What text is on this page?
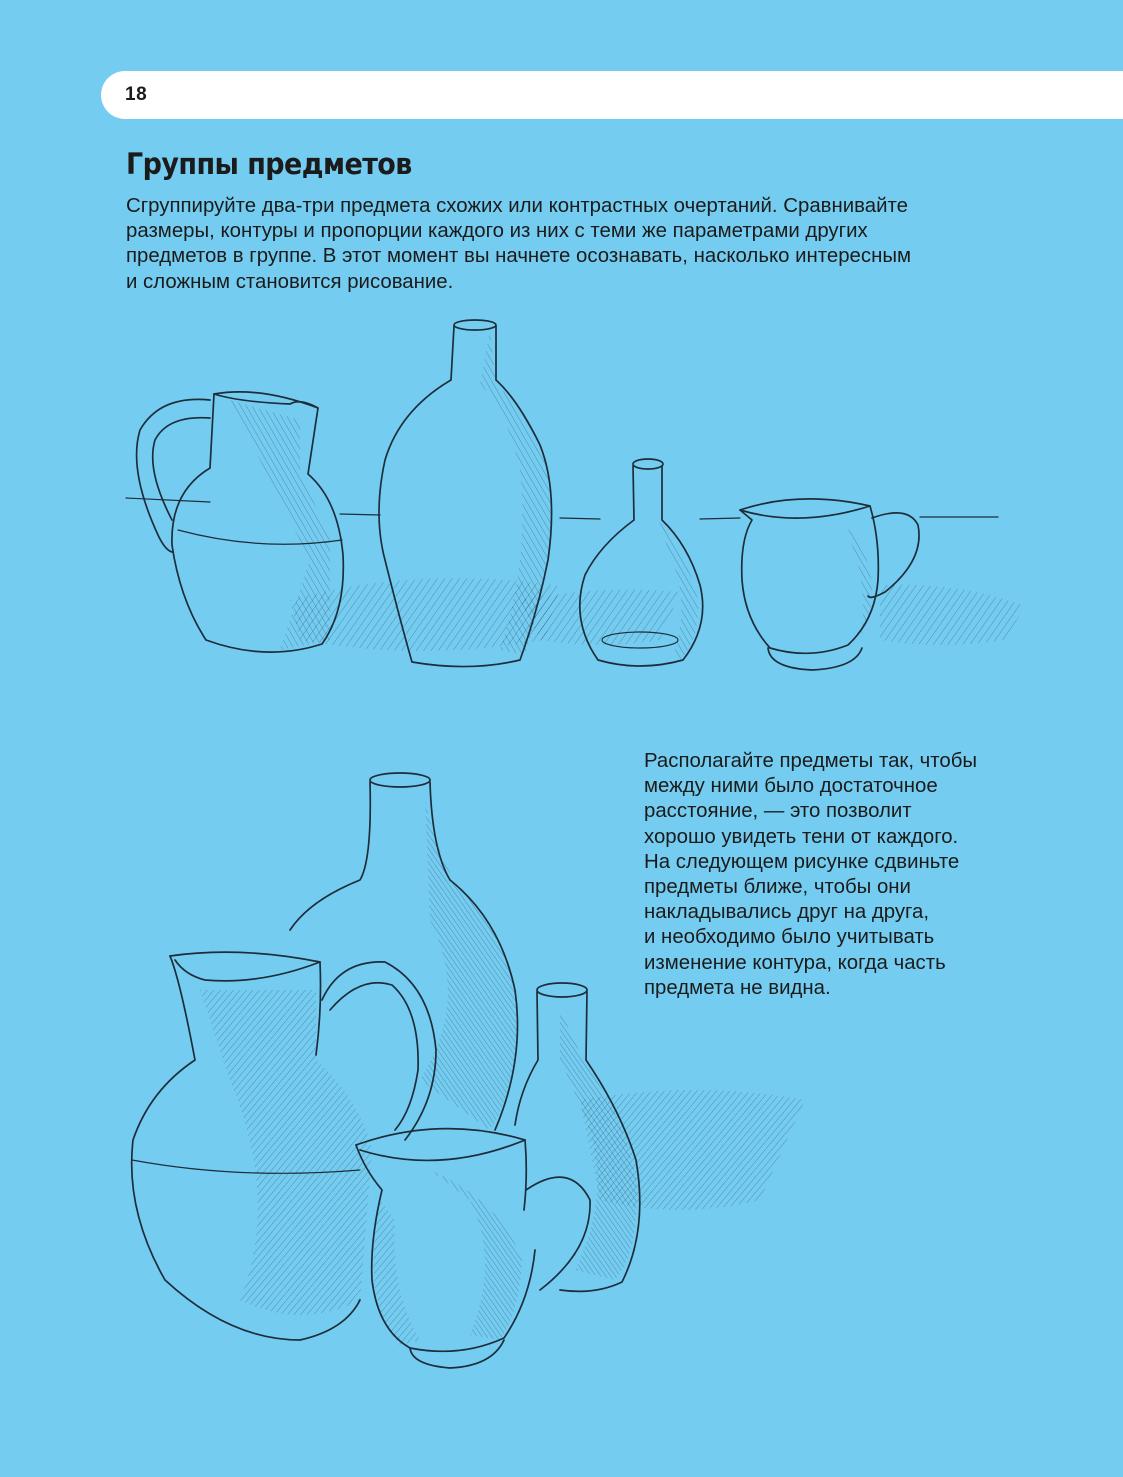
18
Группы предметов

Сгруппируйте два-три предмета схожих или контрастных очертаний. Сравнивайте
размеры, контуры и пропорции каждого из них с теми же параметрами других
предметов в группе. В этот момент вы начнете осознавать, насколько интересным
и сложным становится рисование.

Располагайте предметы так, чтобы
между ними было достаточное
расстояние, — это позволит
хорошо увидеть тени от каждого.
На следующем рисунке сдвиньте
предметы ближе, чтобы они
накладывались друг на друга,
и необходимо было учитывать
изменение контура, когда часть
предмета не видна.
